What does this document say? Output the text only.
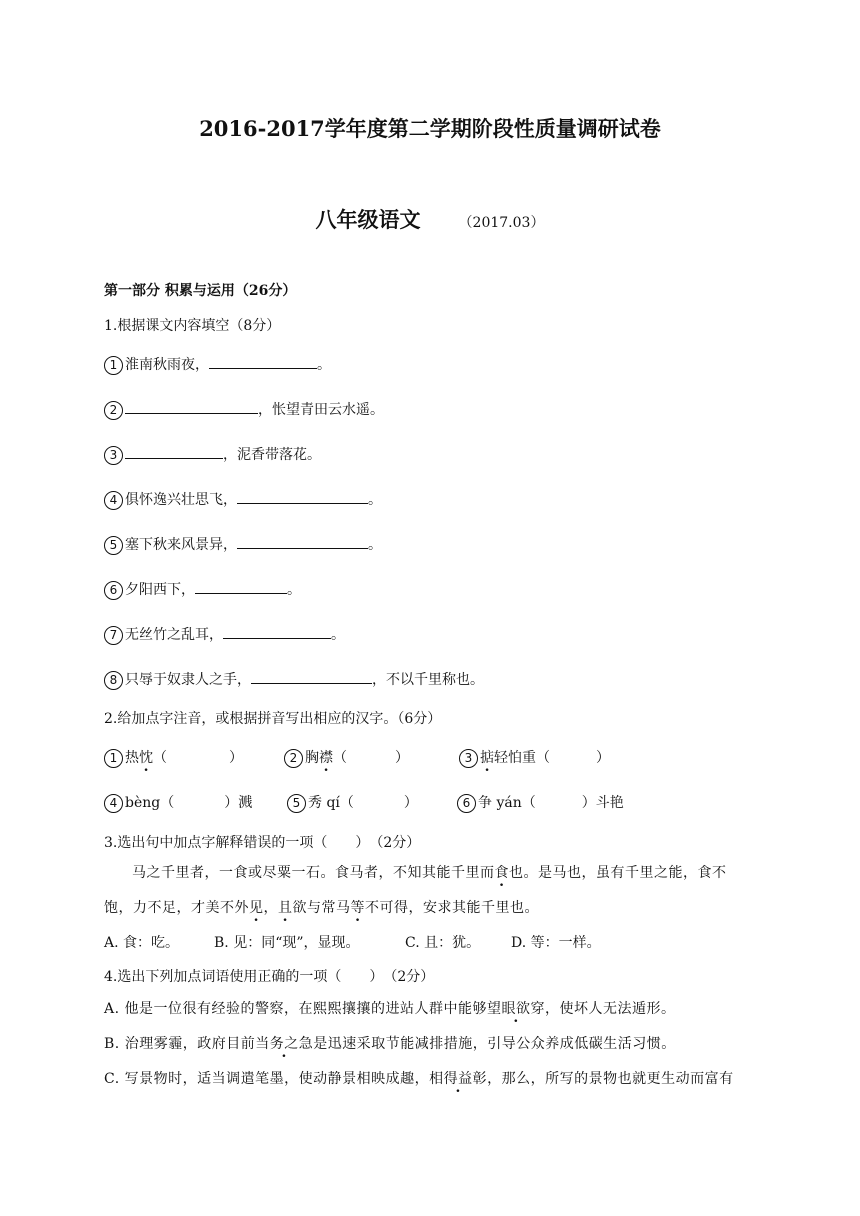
2016-2017学年度第二学期阶段性质量调研试卷
八年级语文	（2017.03）
第一部分 积累与运用（26分）
1.根据课文内容填空（8分）
1 淮南秋雨夜，	。
2	，怅望青田云水遥。
3	，泥香带落花。
4 俱怀逸兴壮思飞，	。
5 塞下秋来风景异，	。
6 夕阳西下，	。
7 无丝竹之乱耳，	。
8 只辱于奴隶人之手，	，不以千里称也。
2.给加点字注音，或根据拼音写出相应的汉字。（6分）
1 热忱（	）	2 胸襟（	）	3 掂轻怕重（	）
4 bèng（	）溅	5 秀 qí（	）	6 争 yán（	）斗艳
3.选出句中加点字解释错误的一项（　　）　（2分）
马之千里者，一食或尽粟一石。食马者，不知其能千里而食也。是马也，虽有千里之能，食不
饱，力不足，才美不外见，且欲与常马等不可得，安求其能千里也。
A. 食：吃。 B. 见：同“现”，显现。	C. 且：犹。 D. 等：一样。
4.选出下列加点词语使用正确的一项（　　）　（2分）
A. 他是一位很有经验的警察，在熙熙攘攘的进站人群中能够望眼欲穿，使坏人无法遁形。
B. 治理雾霾，政府目前当务之急是迅速采取节能减排措施，引导公众养成低碳生活习惯。
C. 写景物时，适当调遣笔墨，使动静景相映成趣，相得益彰，那么，所写的景物也就更生动而富有
